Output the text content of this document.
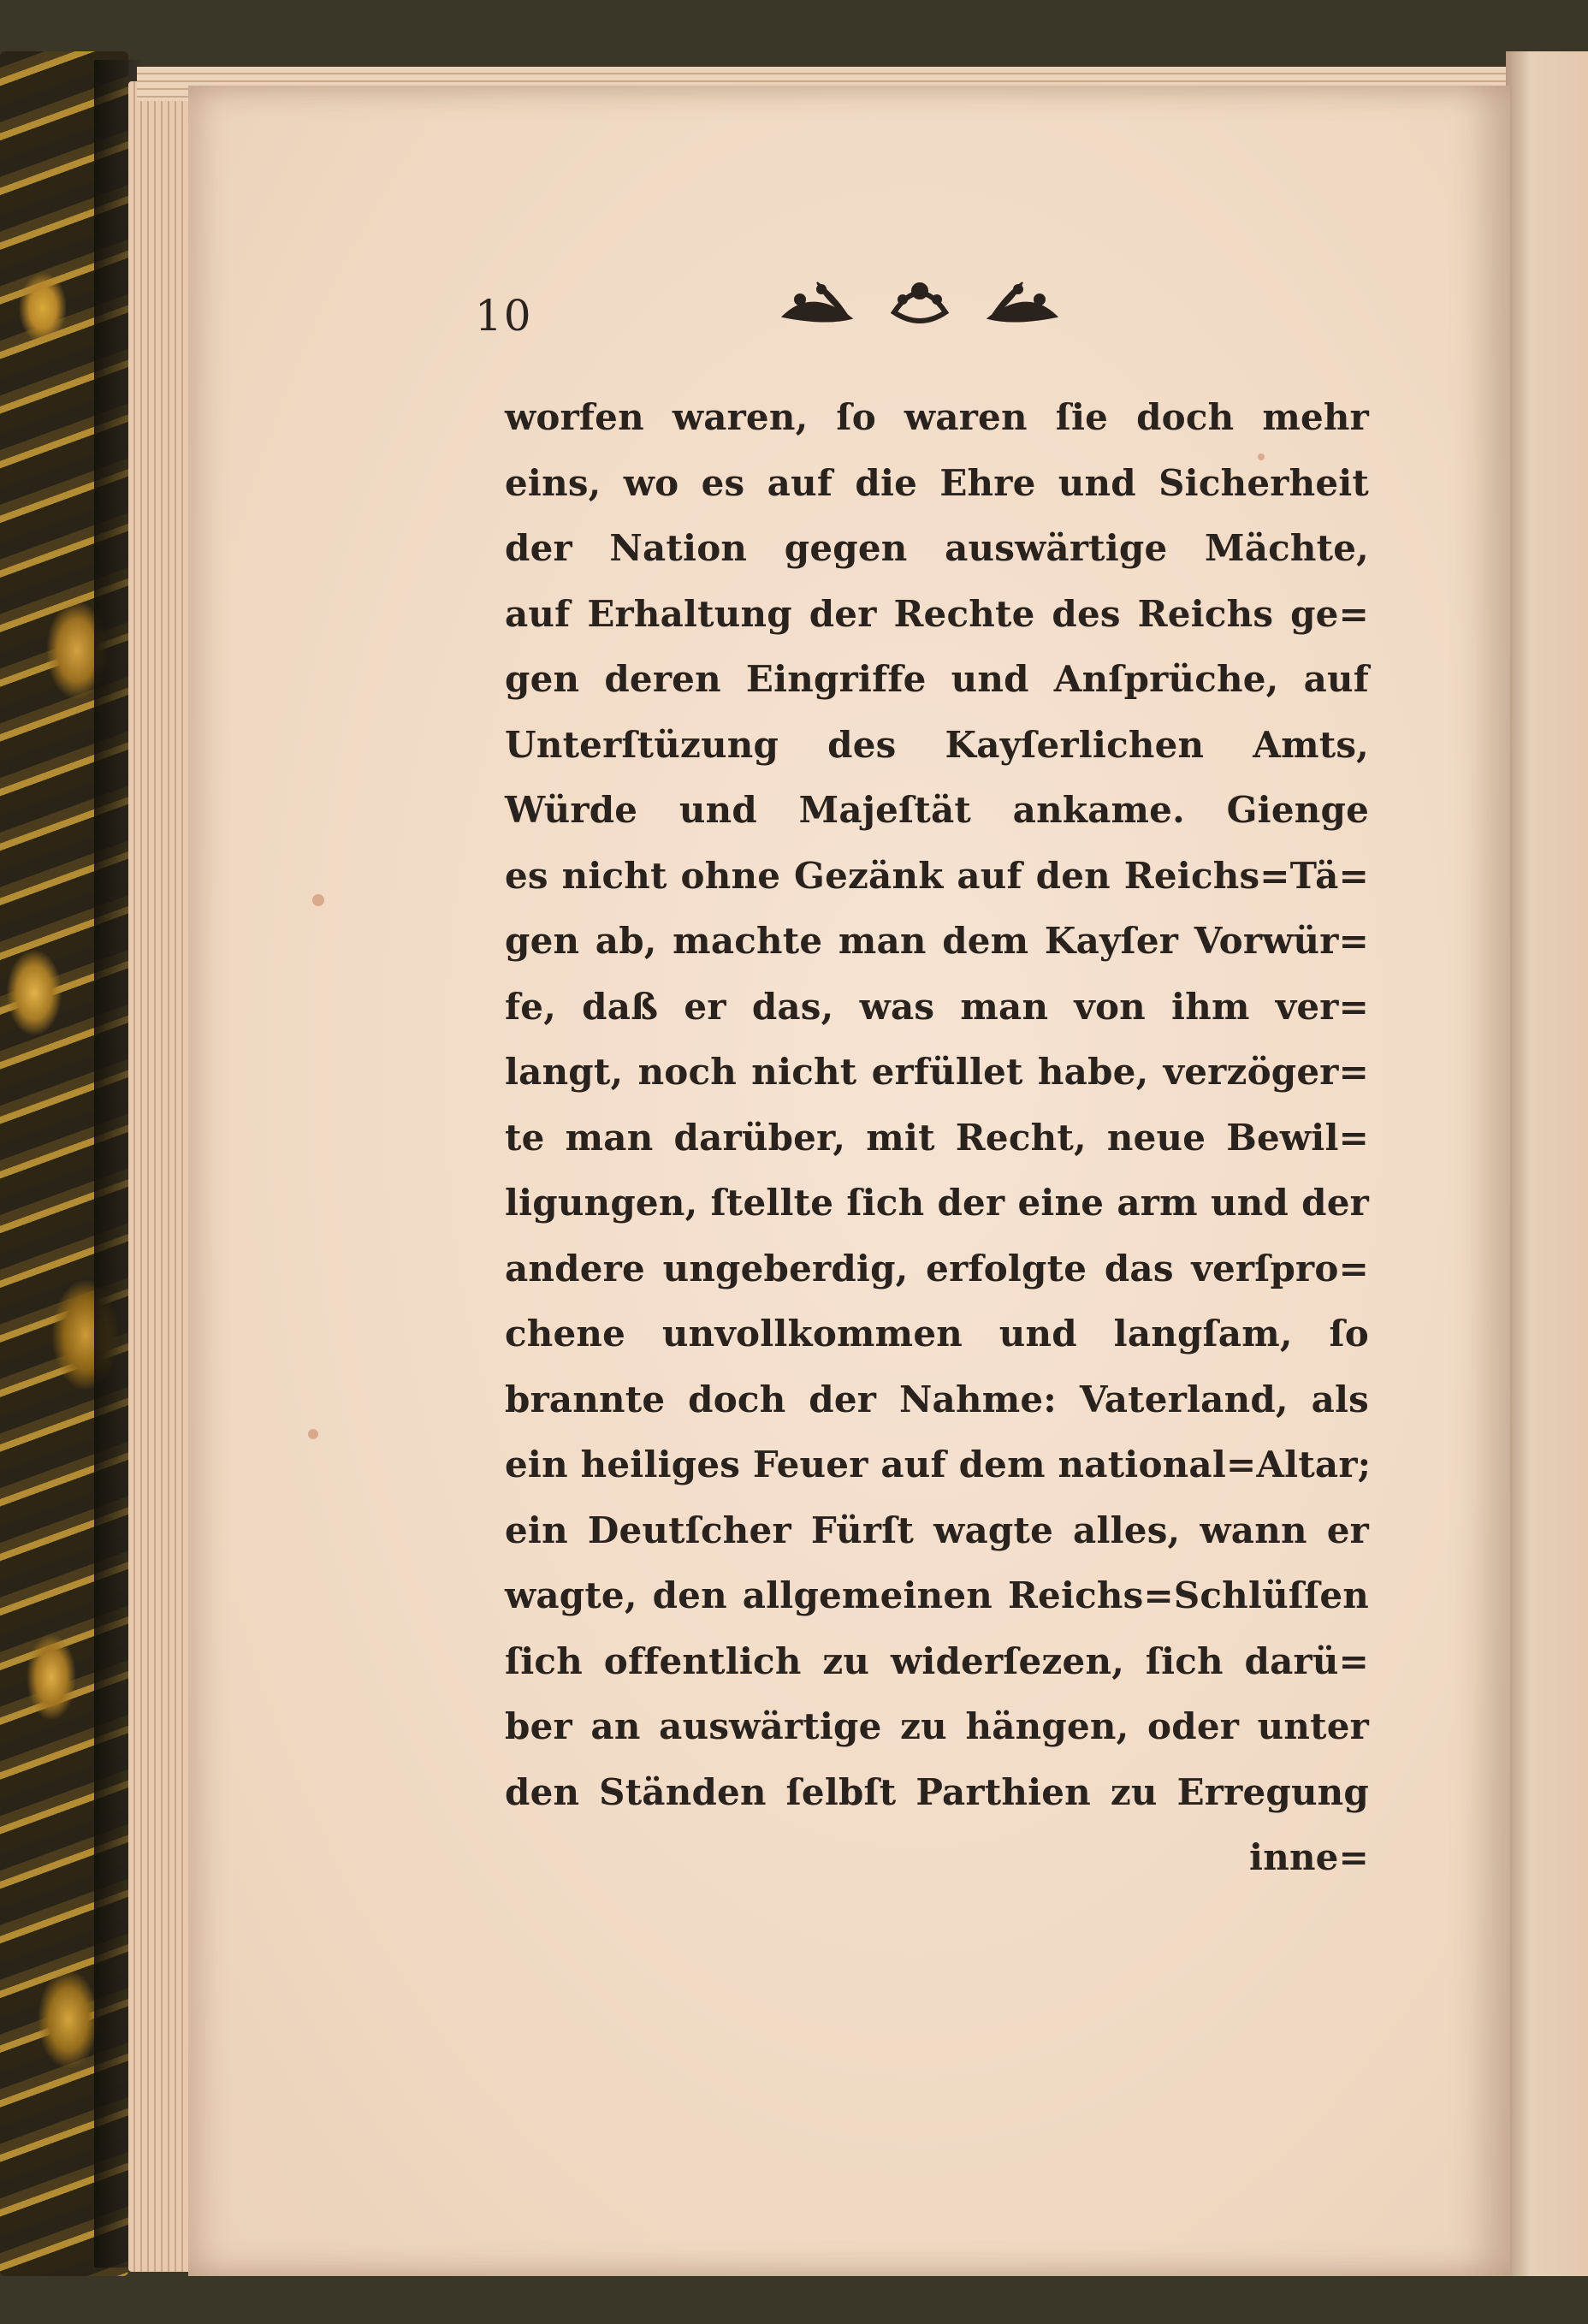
10
worfen waren, ſo waren ſie doch mehr
eins, wo es auf die Ehre und Sicherheit
der Nation gegen auswärtige Mächte,
auf Erhaltung der Rechte des Reichs ge=
gen deren Eingriffe und Anſprüche, auf
Unterſtüzung des Kayſerlichen Amts,
Würde und Majeſtät ankame. Gienge
es nicht ohne Gezänk auf den Reichs=Tä=
gen ab, machte man dem Kayſer Vorwür=
fe, daß er das, was man von ihm ver=
langt, noch nicht erfüllet habe, verzöger=
te man darüber, mit Recht, neue Bewil=
ligungen, ſtellte ſich der eine arm und der
andere ungeberdig, erfolgte das verſpro=
chene unvollkommen und langſam, ſo
brannte doch der Nahme: Vaterland, als
ein heiliges Feuer auf dem national=Altar;
ein Deutſcher Fürſt wagte alles, wann er
wagte, den allgemeinen Reichs=Schlüſſen
ſich offentlich zu widerſezen, ſich darü=
ber an auswärtige zu hängen, oder unter
den Ständen ſelbſt Parthien zu Erregung
inne=
